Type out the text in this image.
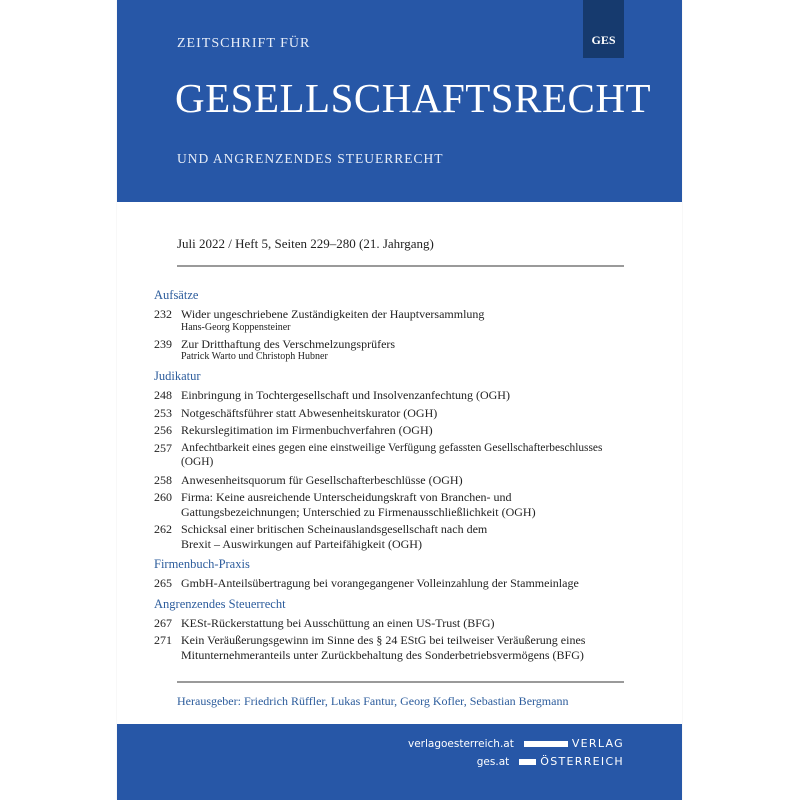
GES
ZEITSCHRIFT FÜR
GESELLSCHAFTSRECHT
UND ANGRENZENDES STEUERRECHT
Juli 2022 / Heft 5, Seiten 229–280 (21. Jahrgang)
Aufsätze
232 Wider ungeschriebene Zuständigkeiten der Hauptversammlung
Hans-Georg Koppensteiner
239 Zur Dritthaftung des Verschmelzungsprüfers
Patrick Warto und Christoph Hubner
Judikatur
248 Einbringung in Tochtergesellschaft und Insolvenzanfechtung (OGH)
253 Notgeschäftsführer statt Abwesenheitskurator (OGH)
256 Rekurslegitimation im Firmenbuchverfahren (OGH)
257 Anfechtbarkeit eines gegen eine einstweilige Verfügung gefassten Gesellschafterbeschlusses (OGH)
258 Anwesenheitsquorum für Gesellschafterbeschlüsse (OGH)
260 Firma: Keine ausreichende Unterscheidungskraft von Branchen- und Gattungsbezeichnungen; Unterschied zu Firmenausschließlichkeit (OGH)
262 Schicksal einer britischen Scheinauslandsgesellschaft nach dem Brexit – Auswirkungen auf Parteifähigkeit (OGH)
Firmenbuch-Praxis
265 GmbH-Anteilsübertragung bei vorangegangener Volleinzahlung der Stammeinlage
Angrenzendes Steuerrecht
267 KESt-Rückerstattung bei Ausschüttung an einen US-Trust (BFG)
271 Kein Veräußerungsgewinn im Sinne des § 24 EStG bei teilweiser Veräußerung eines Mitunternehmeranteils unter Zurückbehaltung des Sonderbetriebsvermögens (BFG)
Herausgeber: Friedrich Rüffler, Lukas Fantur, Georg Kofler, Sebastian Bergmann
verlagoesterreich.at	VERLAG
ges.at	ÖSTERREICH
